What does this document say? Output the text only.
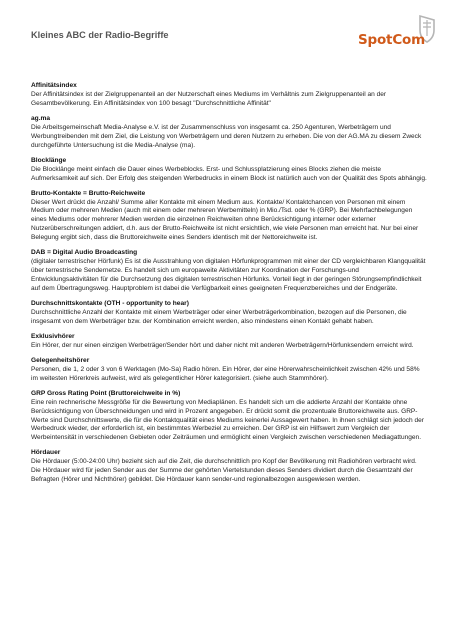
Kleines ABC der Radio-Begriffe	SpotCom
Affinitätsindex
Der Affinitätsindex ist der Zielgruppenanteil an der Nutzerschaft eines Mediums im Verhältnis zum Zielgruppenanteil an der Gesamtbevölkerung. Ein Affinitätsindex von 100 besagt "Durchschnittliche Affinität"
ag.ma
Die Arbeitsgemeinschaft Media-Analyse e.V. ist der Zusammenschluss von insgesamt ca. 250 Agenturen, Werbeträgern und Werbungtreibenden mit dem Ziel, die Leistung von Werbeträgern und deren Nutzern zu erheben. Die von der AG.MA zu diesem Zweck durchgeführte Untersuchung ist die Media-Analyse (ma).
Blocklänge
Die Blocklänge meint einfach die Dauer eines Werbeblocks. Erst- und Schlussplatzierung eines Blocks ziehen die meiste Aufmerksamkeit auf sich. Der Erfolg des steigenden Werbedrucks in einem Block ist natürlich auch von der Qualität des Spots abhängig.
Brutto-Kontakte = Brutto-Reichweite
Dieser Wert drückt die Anzahl/ Summe aller Kontakte mit einem Medium aus. Kontakte/ Kontaktchancen von Personen mit einem Medium oder mehreren Medien (auch mit einem oder mehreren Werbemitteln) in Mio./Tsd. oder % (GRP). Bei Mehrfachbelegungen eines Mediums oder mehrerer Medien werden die einzelnen Reichweiten ohne Berücksichtigung interner oder externer Nutzerüberschreitungen addiert, d.h. aus der Brutto-Reichweite ist nicht ersichtlich, wie viele Personen man erreicht hat. Nur bei einer Belegung ergibt sich, dass die Bruttoreichweite eines Senders identisch mit der Nettoreichweite ist.
DAB = Digital Audio Broadcasting
(digitaler terrestrischer Hörfunk) Es ist die Ausstrahlung von digitalen Hörfunkprogrammen mit einer der CD vergleichbaren Klangqualität über terrestrische Sendernetze. Es handelt sich um europaweite Aktivitäten zur Koordination der Forschungs-und Entwicklungsaktivitäten für die Durchsetzung des digitalen terrestrischen Hörfunks. Vorteil liegt in der geringen Störungsempfindlichkeit auf dem Übertragungsweg. Hauptproblem ist dabei die Verfügbarkeit eines geeigneten Frequenzbereiches und der Endgeräte.
Durchschnittskontakte (OTH - opportunity to hear)
Durchschnittliche Anzahl der Kontakte mit einem Werbeträger oder einer Werbeträgerkombination, bezogen auf die Personen, die insgesamt von dem Werbeträger bzw. der Kombination erreicht werden, also mindestens einen Kontakt gehabt haben.
Exklusivhörer
Ein Hörer, der nur einen einzigen Werbeträger/Sender hört und daher nicht mit anderen Werbeträgern/Hörfunksendern erreicht wird.
Gelegenheitshörer
Personen, die 1, 2 oder 3 von 6 Werktagen (Mo-Sa) Radio hören. Ein Hörer, der eine Hörerwahrscheinlichkeit zwischen 42% und 58% im weitesten Hörerkreis aufweist, wird als gelegentlicher Hörer kategorisiert. (siehe auch Stammhörer).
GRP Gross Rating Point (Bruttoreichweite in %)
Eine rein rechnerische Messgröße für die Bewertung von Mediaplänen. Es handelt sich um die addierte Anzahl der Kontakte ohne Berücksichtigung von Überschneidungen und wird in Prozent angegeben. Er drückt somit die prozentuale Bruttoreichweite aus. GRP-Werte sind Durchschnittswerte, die für die Kontaktqualität eines Mediums keinerlei Aussagewert haben. In ihnen schlägt sich jedoch der Werbedruck wieder, der erforderlich ist, ein bestimmtes Werbeziel zu erreichen. Der GRP ist ein Hilfswert zum Vergleich der Werbeintensität in verschiedenen Gebieten oder Zeiträumen und ermöglicht einen Vergleich zwischen verschiedenen Mediagattungen.
Hördauer
Die Hördauer (5:00-24:00 Uhr) bezieht sich auf die Zeit, die durchschnittlich pro Kopf der Bevölkerung mit Radiohören verbracht wird. Die Hördauer wird für jeden Sender aus der Summe der gehörten Viertelstunden dieses Senders dividiert durch die Gesamtzahl der Befragten (Hörer und Nichthörer) gebildet. Die Hördauer kann sender-und regionalbezogen ausgewiesen werden.
